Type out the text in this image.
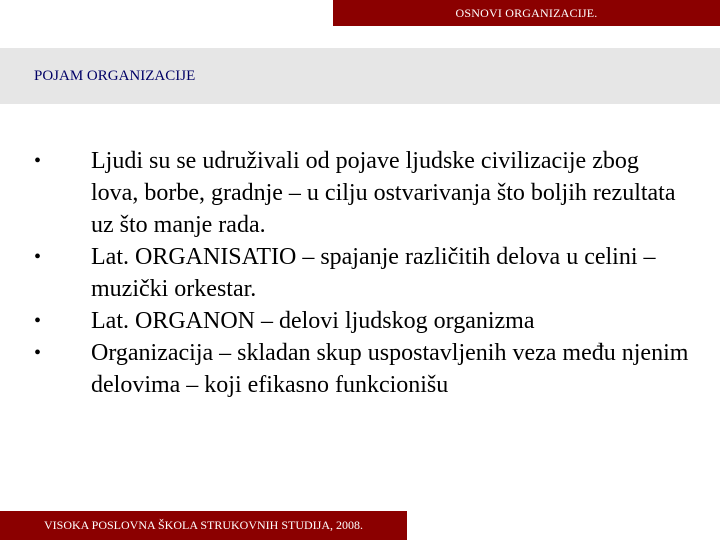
OSNOVI ORGANIZACIJE.
POJAM ORGANIZACIJE
• Ljudi su se udruživali od pojave ljudske civilizacije zbog lova, borbe, gradnje – u cilju ostvarivanja što boljih rezultata uz što manje rada.
• Lat. ORGANISATIO – spajanje različitih delova u celini – muzički orkestar.
• Lat. ORGANON – delovi ljudskog organizma
• Organizacija – skladan skup uspostavljenih veza među njenim delovima – koji efikasno funkcionišu
VISOKA POSLOVNA ŠKOLA STRUKOVNIH STUDIJA, 2008.
